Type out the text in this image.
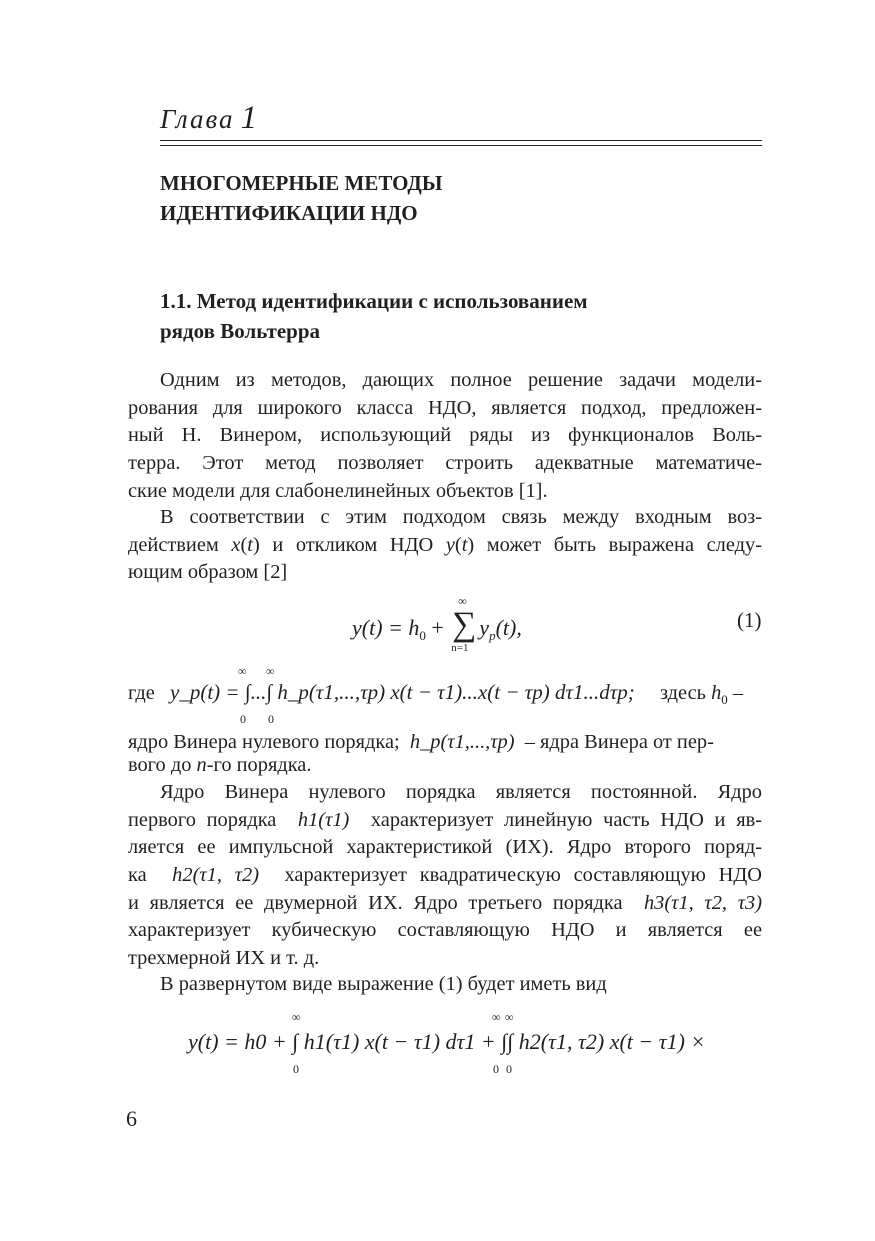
Глава 1
МНОГОМЕРНЫЕ МЕТОДЫ
ИДЕНТИФИКАЦИИ НДО
1.1. Метод идентификации с использованием
рядов Вольтерра
Одним из методов, дающих полное решение задачи модели-
рования для широкого класса НДО, является подход, предложен-
ный Н. Винером, использующий ряды из функционалов Воль-
терра. Этот метод позволяет строить адекватные математиче-
ские модели для слабонелинейных объектов [1].
В соответствии с этим подходом связь между входным воз-
действием x(t) и откликом НДО y(t) может быть выражена следу-
ющим образом [2]
$y(t) = h_0$ + ∑
∞
n=1
$y_p(t)$,	(1)
где y_p(t) = ∫...∫ h_p(τ1,...,τp) x(t − τ1)...x(t − τp) dτ1...dτp;
∞ ∞
0 0
здесь $h_0$ –
ядро Винера нулевого порядка; h_p(τ1,...,τp) – ядра Винера от пер-
вого до n-го порядка.
Ядро Винера нулевого порядка является постоянной. Ядро
первого порядка h1(τ1) характеризует линейную часть НДО и яв-
ляется ее импульсной характеристикой (ИХ). Ядро второго поряд-
ка h2(τ1, τ2) характеризует квадратическую составляющую НДО
и является ее двумерной ИХ. Ядро третьего порядка h3(τ1, τ2, τ3)
характеризует кубическую составляющую НДО и является ее
трехмерной ИХ и т. д.
В развернутом виде выражение (1) будет иметь вид
y(t) = h0 + ∫ h1(τ1) x(t − τ1) dτ1 + ∫∫ h2(τ1, τ2) x(t − τ1) ×
∞
0
∞ ∞
0 0
6
